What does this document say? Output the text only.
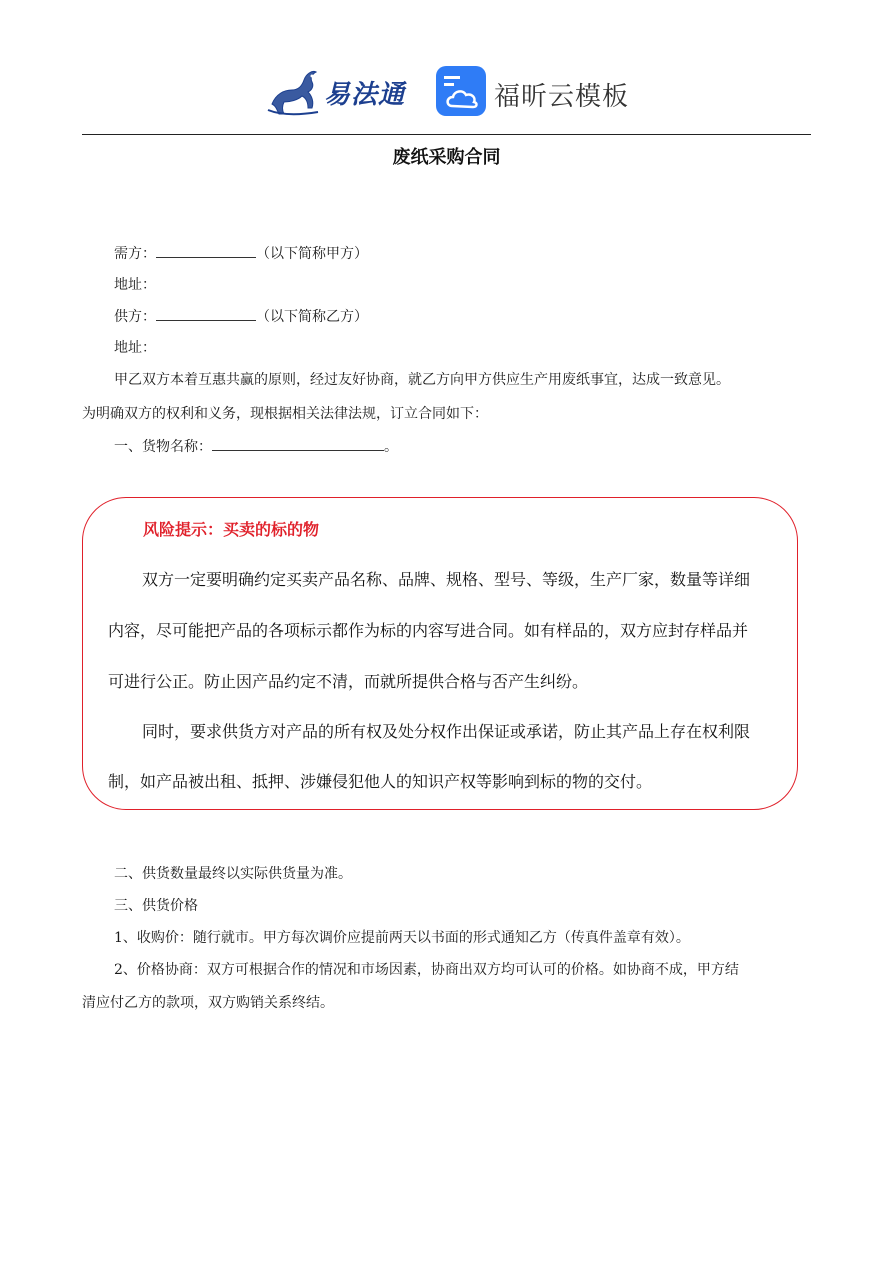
易法通	福昕云模板
废纸采购合同
需方：	（以下简称甲方）
地址：
供方：	（以下简称乙方）
地址：
甲乙双方本着互惠共赢的原则，经过友好协商，就乙方向甲方供应生产用废纸事宜，达成一致意见。
为明确双方的权利和义务，现根据相关法律法规，订立合同如下：
一、货物名称：	。
风险提示：买卖的标的物
双方一定要明确约定买卖产品名称、品牌、规格、型号、等级，生产厂家，数量等详细
内容，尽可能把产品的各项标示都作为标的内容写进合同。如有样品的，双方应封存样品并
可进行公正。防止因产品约定不清，而就所提供合格与否产生纠纷。
同时，要求供货方对产品的所有权及处分权作出保证或承诺，防止其产品上存在权利限
制，如产品被出租、抵押、涉嫌侵犯他人的知识产权等影响到标的物的交付。
二、供货数量最终以实际供货量为准。
三、供货价格
1、收购价：随行就市。甲方每次调价应提前两天以书面的形式通知乙方（传真件盖章有效）。
2、价格协商：双方可根据合作的情况和市场因素，协商出双方均可认可的价格。如协商不成，甲方结
清应付乙方的款项，双方购销关系终结。
